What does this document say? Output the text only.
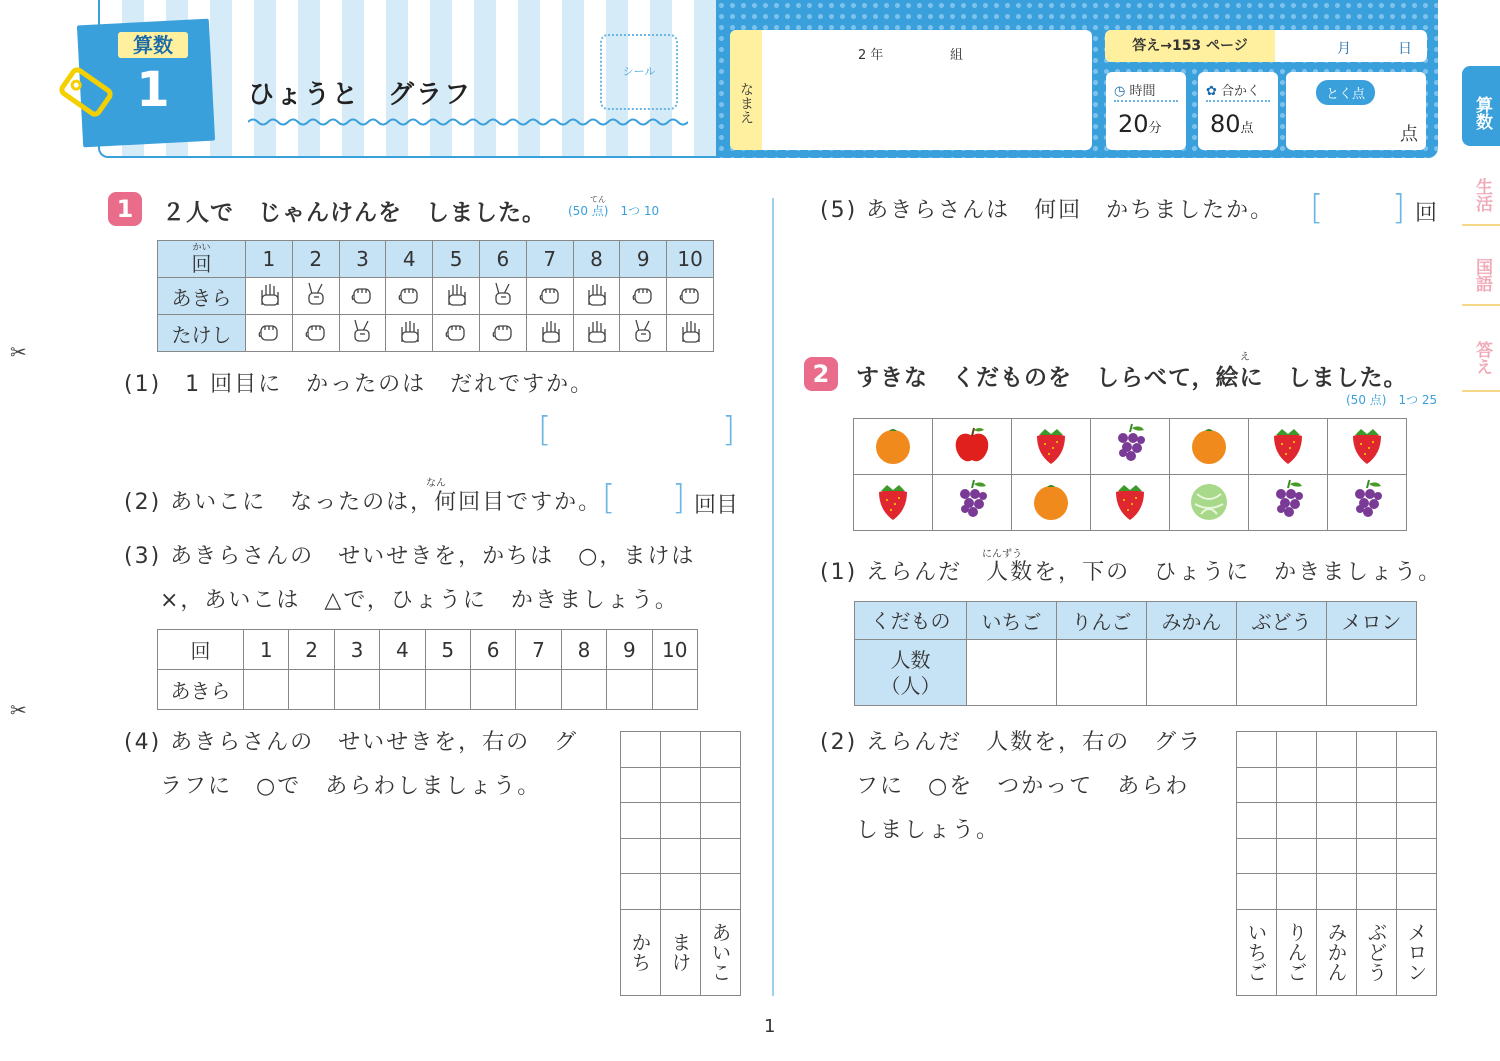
算数
1	ひょうと　グラフ
シール
なまえ
2 年	組
答え→153 ページ	月	日
◷ 時間
20分
✿ 合かく
80点
とく点
点
算数
生活
国語
答え
✂
✂
1	２人で　じゃんけんを　しました。
てん
(50 点)　1つ 10
かい
回	1	2	3	4	5	6	7	8	9	10
あきら										
たけし										
(1)　1 回目に　かったのは　だれですか。
[	]
なん
(2) あいこに　なったのは，何回目ですか。 [ ] 回目
(3) あきらさんの　せいせきを，かちは　○，まけは
×，あいこは　△で，ひょうに　かきましょう。
回	1	2	3	4	5	6	7	8	9	10
あきら										
(4) あきらさんの　せいせきを，右の　グ
ラフに　○で　あらわしましょう。

かち	まけ	あいこ
(5) あきらさんは　何回　かちましたか。 [ ] 回
2
え
すきな　くだものを　しらべて，絵に　しました。
(50 点)　1つ 25

にんずう
(1) えらんだ　人数を，下の　ひょうに　かきましょう。
くだもの	いちご	りんご	みかん	ぶどう	メロン

人数
（人）					

(2) えらんだ　人数を，右の　グラ
フに　○を　つかって　あらわ
しましょう。

いちご	りんご	みかん	ぶどう	メロン
1
